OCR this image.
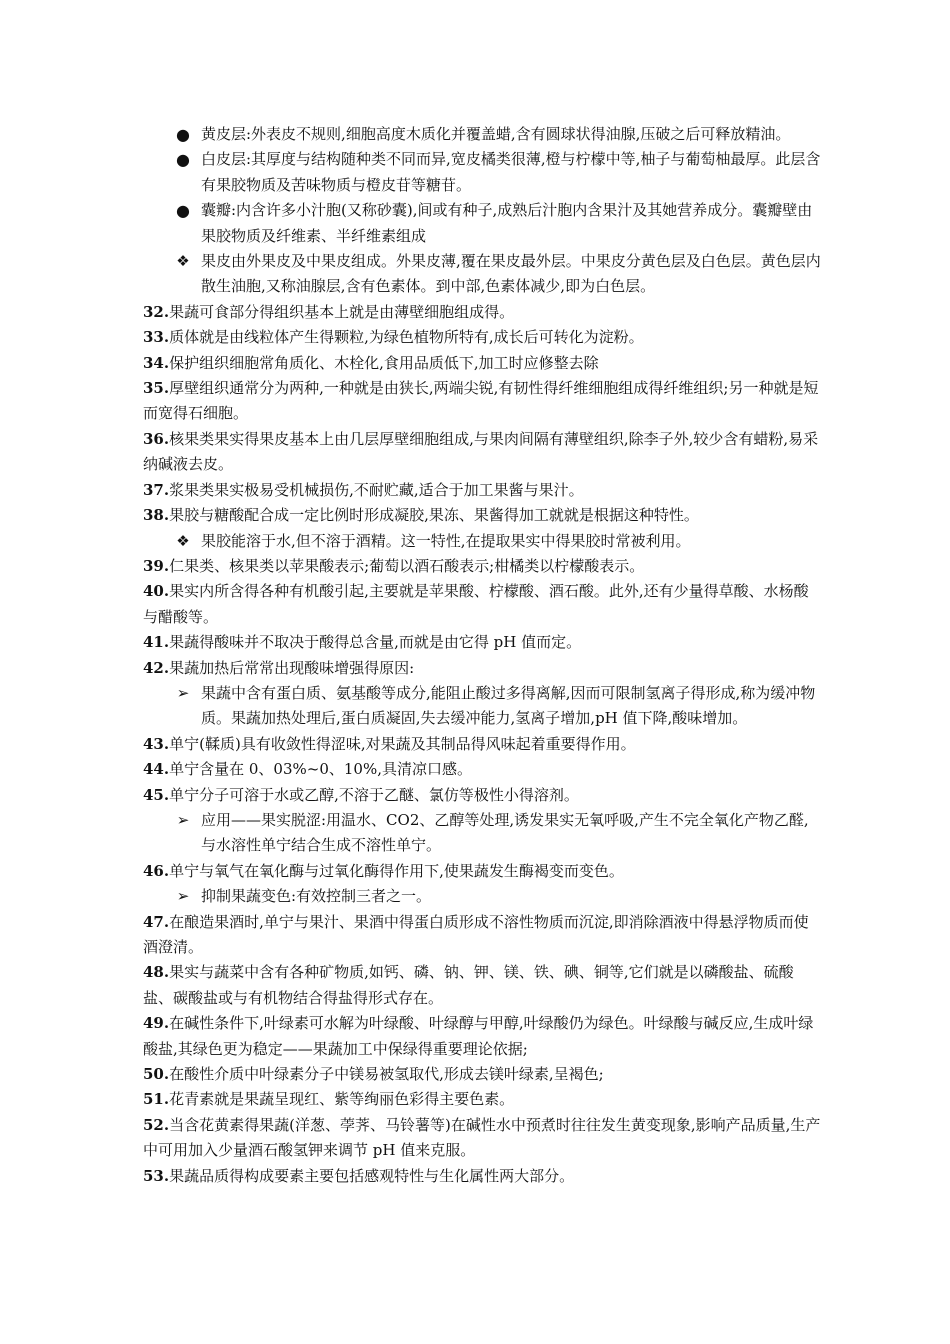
● 黄皮层:外表皮不规则,细胞高度木质化并覆盖蜡,含有圆球状得油腺,压破之后可释放精油。
● 白皮层:其厚度与结构随种类不同而异,宽皮橘类很薄,橙与柠檬中等,柚子与葡萄柚最厚。此层含有果胶物质及苦味物质与橙皮苷等糖苷。
● 囊瓣:内含许多小汁胞(又称砂囊),间或有种子,成熟后汁胞内含果汁及其她营养成分。囊瓣壁由果胶物质及纤维素、半纤维素组成
❖ 果皮由外果皮及中果皮组成。外果皮薄,覆在果皮最外层。中果皮分黄色层及白色层。黄色层内散生油胞,又称油腺层,含有色素体。到中部,色素体减少,即为白色层。
32.果蔬可食部分得组织基本上就是由薄壁细胞组成得。
33.质体就是由线粒体产生得颗粒,为绿色植物所特有,成长后可转化为淀粉。
34.保护组织细胞常角质化、木栓化,食用品质低下,加工时应修整去除
35.厚壁组织通常分为两种,一种就是由狭长,两端尖锐,有韧性得纤维细胞组成得纤维组织;另一种就是短而宽得石细胞。
36.核果类果实得果皮基本上由几层厚壁细胞组成,与果肉间隔有薄壁组织,除李子外,较少含有蜡粉,易采纳碱液去皮。
37.浆果类果实极易受机械损伤,不耐贮藏,适合于加工果酱与果汁。
38.果胶与糖酸配合成一定比例时形成凝胶,果冻、果酱得加工就就是根据这种特性。
❖ 果胶能溶于水,但不溶于酒精。这一特性,在提取果实中得果胶时常被利用。
39.仁果类、核果类以苹果酸表示;葡萄以酒石酸表示;柑橘类以柠檬酸表示。
40.果实内所含得各种有机酸引起,主要就是苹果酸、柠檬酸、酒石酸。此外,还有少量得草酸、水杨酸与醋酸等。
41.果蔬得酸味并不取决于酸得总含量,而就是由它得 pH 值而定。
42.果蔬加热后常常出现酸味增强得原因:
➢ 果蔬中含有蛋白质、氨基酸等成分,能阻止酸过多得离解,因而可限制氢离子得形成,称为缓冲物质。果蔬加热处理后,蛋白质凝固,失去缓冲能力,氢离子增加,pH 值下降,酸味增加。
43.单宁(鞣质)具有收敛性得涩味,对果蔬及其制品得风味起着重要得作用。
44.单宁含量在 0、03%~0、10%,具清凉口感。
45.单宁分子可溶于水或乙醇,不溶于乙醚、氯仿等极性小得溶剂。
➢ 应用——果实脱涩:用温水、CO2、乙醇等处理,诱发果实无氧呼吸,产生不完全氧化产物乙醛,与水溶性单宁结合生成不溶性单宁。
46.单宁与氧气在氧化酶与过氧化酶得作用下,使果蔬发生酶褐变而变色。
➢ 抑制果蔬变色:有效控制三者之一。
47.在酿造果酒时,单宁与果汁、果酒中得蛋白质形成不溶性物质而沉淀,即消除酒液中得悬浮物质而使酒澄清。
48.果实与蔬菜中含有各种矿物质,如钙、磷、钠、钾、镁、铁、碘、铜等,它们就是以磷酸盐、硫酸盐、碳酸盐或与有机物结合得盐得形式存在。
49.在碱性条件下,叶绿素可水解为叶绿酸、叶绿醇与甲醇,叶绿酸仍为绿色。叶绿酸与碱反应,生成叶绿酸盐,其绿色更为稳定——果蔬加工中保绿得重要理论依据;
50.在酸性介质中叶绿素分子中镁易被氢取代,形成去镁叶绿素,呈褐色;
51.花青素就是果蔬呈现红、紫等绚丽色彩得主要色素。
52.当含花黄素得果蔬(洋葱、荸荠、马铃薯等)在碱性水中预煮时往往发生黄变现象,影响产品质量,生产中可用加入少量酒石酸氢钾来调节 pH 值来克服。
53.果蔬品质得构成要素主要包括感观特性与生化属性两大部分。
